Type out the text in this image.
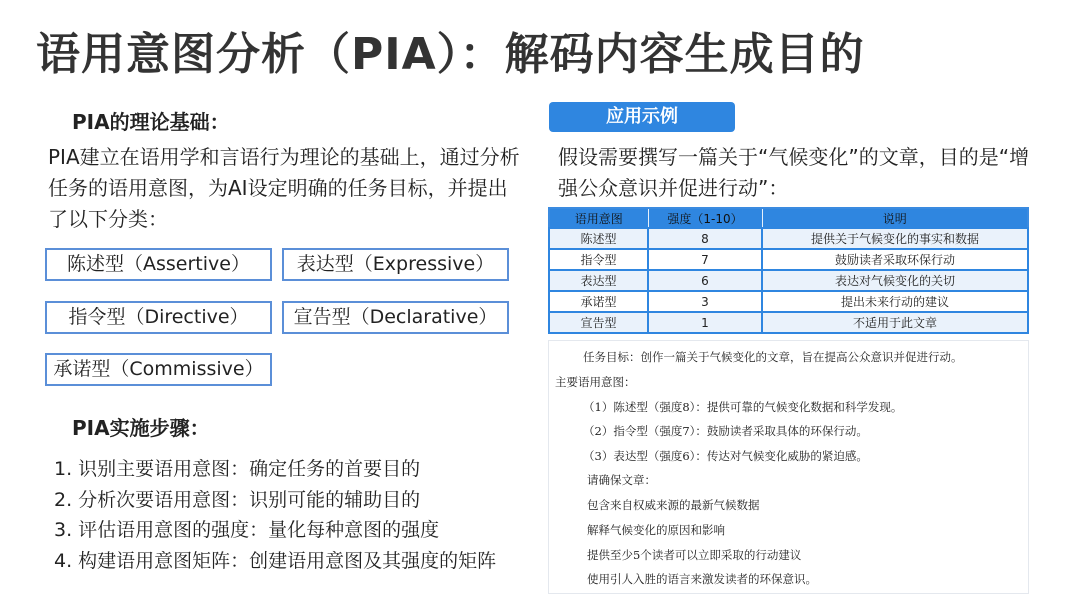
语用意图分析（PIA）：解码内容生成目的
PIA的理论基础：
PIA建立在语用学和言语行为理论的基础上，通过分析任务的语用意图，为AI设定明确的任务目标，并提出了以下分类：
陈述型（Assertive）	表达型（Expressive）
指令型（Directive）	宣告型（Declarative）
承诺型（Commissive）
PIA实施步骤：
1. 识别主要语用意图：确定任务的首要目的
2. 分析次要语用意图：识别可能的辅助目的
3. 评估语用意图的强度：量化每种意图的强度
4. 构建语用意图矩阵：创建语用意图及其强度的矩阵
应用示例
假设需要撰写一篇关于“气候变化”的文章，目的是“增强公众意识并促进行动”：
语用意图	强度（1-10）	说明
陈述型	8	提供关于气候变化的事实和数据
指令型	7	鼓励读者采取环保行动
表达型	6	表达对气候变化的关切
承诺型	3	提出未来行动的建议
宣告型	1	不适用于此文章
任务目标：创作一篇关于气候变化的文章，旨在提高公众意识并促进行动。
主要语用意图：
（1）陈述型（强度8）：提供可靠的气候变化数据和科学发现。
（2）指令型（强度7）：鼓励读者采取具体的环保行动。
（3）表达型（强度6）：传达对气候变化威胁的紧迫感。
请确保文章：
包含来自权威来源的最新气候数据
解释气候变化的原因和影响
提供至少5个读者可以立即采取的行动建议
使用引人入胜的语言来激发读者的环保意识。
